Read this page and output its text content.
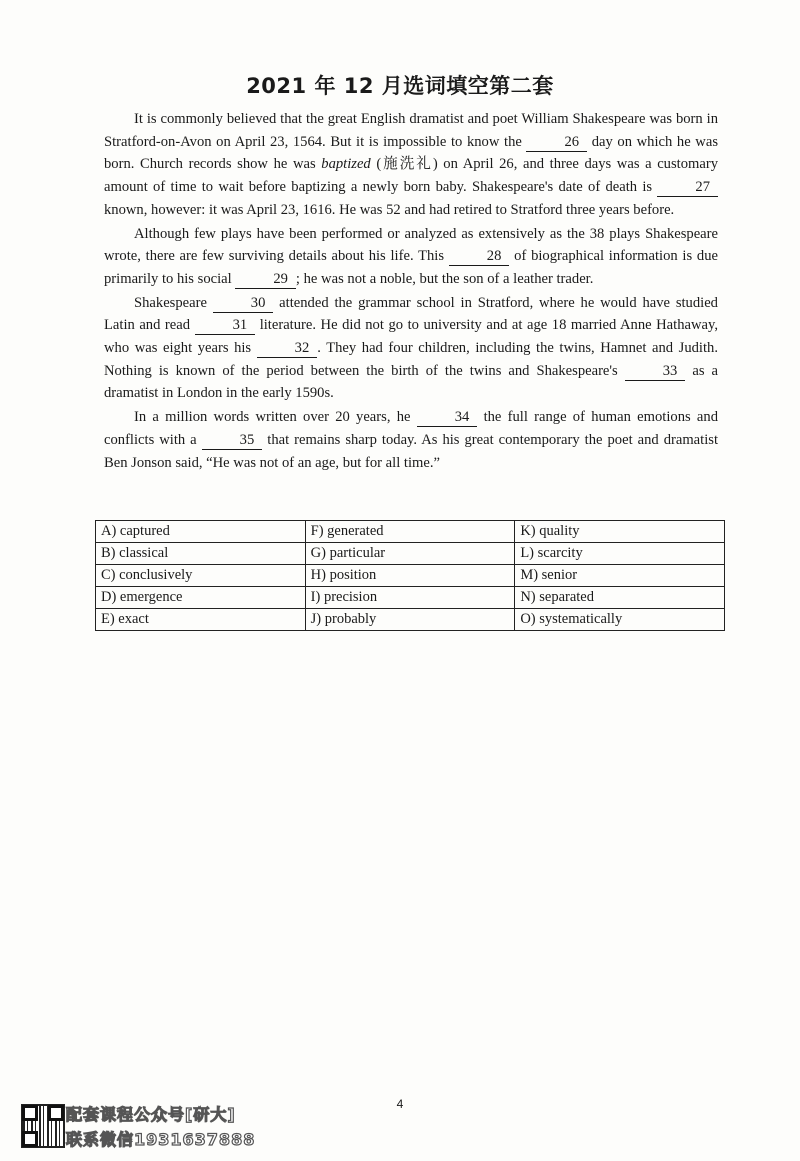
2021 年 12 月选词填空第二套

It is commonly believed that the great English dramatist and poet William Shakespeare was born in Stratford-on-Avon on April 23, 1564. But it is impossible to know the	26 day on which he was born. Church records show he was baptized (施洗礼) on April 26, and three days was a customary amount of time to wait before baptizing a newly born baby. Shakespeare's date of death is	27 known, however: it was April 23, 1616. He was 52 and had retired to Stratford three years before.

Although few plays have been performed or analyzed as extensively as the 38 plays Shakespeare wrote, there are few surviving details about his life. This	28 of biographical information is due primarily to his social	29 ; he was not a noble, but the son of a leather trader.

Shakespeare	30 attended the grammar school in Stratford, where he would have studied Latin and read	31 literature. He did not go to university and at age 18 married Anne Hathaway, who was eight years his	32 . They had four children, including the twins, Hamnet and Judith. Nothing is known of the period between the birth of the twins and Shakespeare's	33 as a dramatist in London in the early 1590s.

In a million words written over 20 years, he	34 the full range of human emotions and conflicts with a	35 that remains sharp today. As his great contemporary the poet and dramatist Ben Jonson said, “He was not of an age, but for all time.”

A) captured	F) generated	K) quality
B) classical	G) particular	L) scarcity
C) conclusively	H) position	M) senior
D) emergence	I) precision	N) separated
E) exact	J) probably	O) systematically
4
配套课程公众号[研大]
联系微信1931637888
